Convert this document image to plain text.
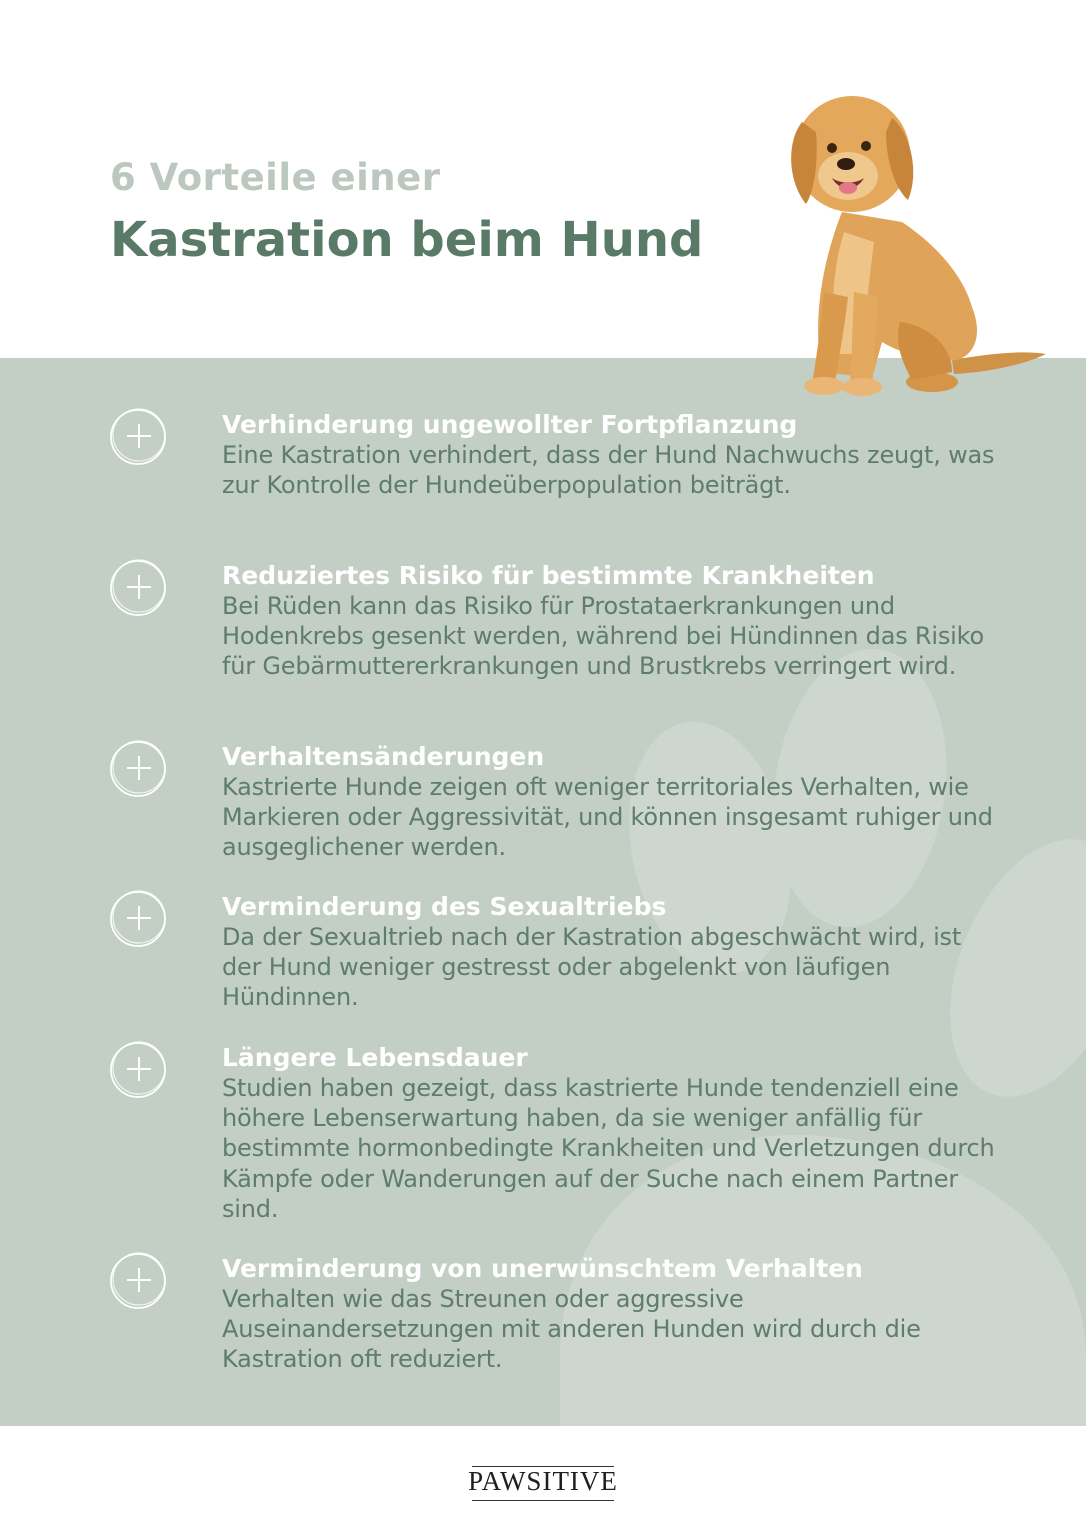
6 Vorteile einer
Kastration beim Hund
Verhinderung ungewollter Fortpflanzung
Eine Kastration verhindert, dass der Hund Nachwuchs zeugt, was zur Kontrolle der Hundeüberpopulation beiträgt.
Reduziertes Risiko für bestimmte Krankheiten
Bei Rüden kann das Risiko für Prostataerkrankungen und Hodenkrebs gesenkt werden, während bei Hündinnen das Risiko für Gebärmuttererkrankungen und Brustkrebs verringert wird.
Verhaltensänderungen
Kastrierte Hunde zeigen oft weniger territoriales Verhalten, wie Markieren oder Aggressivität, und können insgesamt ruhiger und ausgeglichener werden.
Verminderung des Sexualtriebs
Da der Sexualtrieb nach der Kastration abgeschwächt wird, ist der Hund weniger gestresst oder abgelenkt von läufigen Hündinnen.
Längere Lebensdauer
Studien haben gezeigt, dass kastrierte Hunde tendenziell eine höhere Lebenserwartung haben, da sie weniger anfällig für bestimmte hormonbedingte Krankheiten und Verletzungen durch Kämpfe oder Wanderungen auf der Suche nach einem Partner sind.
Verminderung von unerwünschtem Verhalten
Verhalten wie das Streunen oder aggressive Auseinandersetzungen mit anderen Hunden wird durch die Kastration oft reduziert.
PAWSITIVE
